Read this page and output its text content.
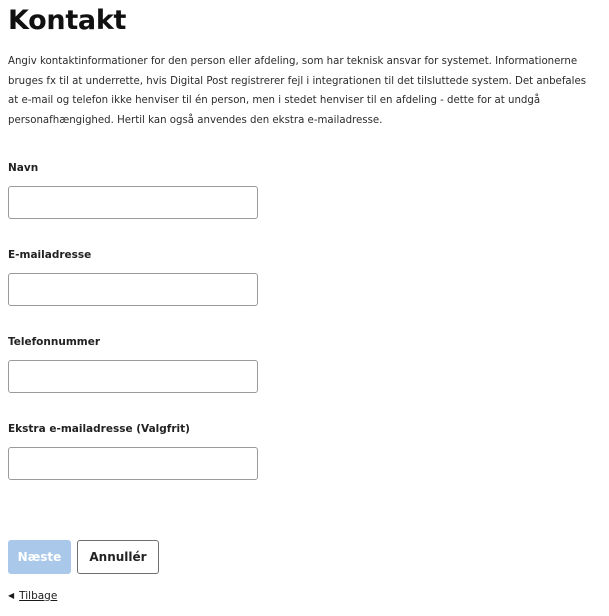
Kontakt

Angiv kontaktinformationer for den person eller afdeling, som har teknisk ansvar for systemet. Informationerne bruges fx til at underrette, hvis Digital Post registrerer fejl i integrationen til det tilsluttede system. Det anbefales at e-mail og telefon ikke henviser til én person, men i stedet henviser til en afdeling - dette for at undgå personafhængighed. Hertil kan også anvendes den ekstra e-mailadresse.

Navn
E-mailadresse
Telefonnummer
Ekstra e-mailadresse (Valgfrit)
Næste	Annullér
◀ Tilbage
